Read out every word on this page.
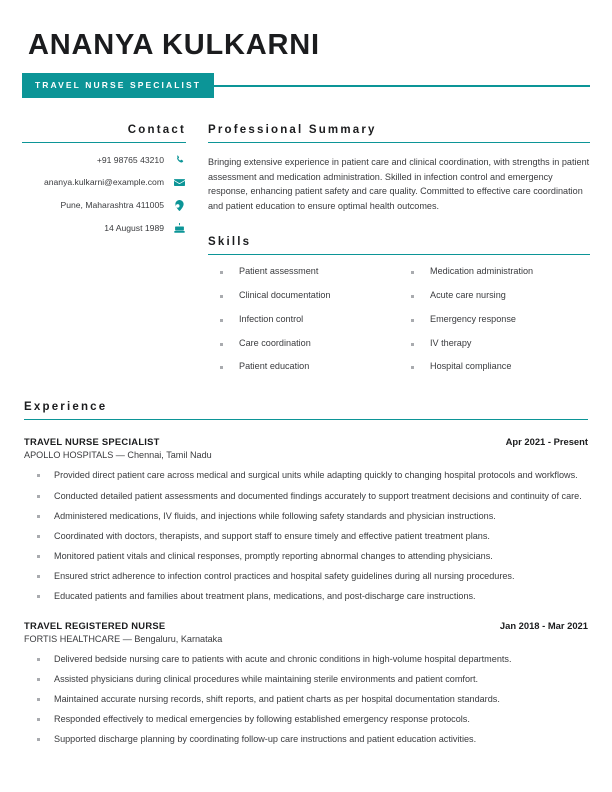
ANANYA KULKARNI
TRAVEL NURSE SPECIALIST
Contact
+91 98765 43210
ananya.kulkarni@example.com
Pune, Maharashtra 411005
14 August 1989
Professional Summary
Bringing extensive experience in patient care and clinical coordination, with strengths in patient assessment and medication administration. Skilled in infection control and emergency response, enhancing patient safety and care quality. Committed to effective care coordination and patient education to ensure optimal health outcomes.
Skills
Patient assessment
Clinical documentation
Infection control
Care coordination
Patient education
Medication administration
Acute care nursing
Emergency response
IV therapy
Hospital compliance
Experience
TRAVEL NURSE SPECIALIST	Apr 2021 - Present
APOLLO HOSPITALS — Chennai, Tamil Nadu
Provided direct patient care across medical and surgical units while adapting quickly to changing hospital protocols and workflows.
Conducted detailed patient assessments and documented findings accurately to support treatment decisions and continuity of care.
Administered medications, IV fluids, and injections while following safety standards and physician instructions.
Coordinated with doctors, therapists, and support staff to ensure timely and effective patient treatment plans.
Monitored patient vitals and clinical responses, promptly reporting abnormal changes to attending physicians.
Ensured strict adherence to infection control practices and hospital safety guidelines during all nursing procedures.
Educated patients and families about treatment plans, medications, and post-discharge care instructions.
TRAVEL REGISTERED NURSE	Jan 2018 - Mar 2021
FORTIS HEALTHCARE — Bengaluru, Karnataka
Delivered bedside nursing care to patients with acute and chronic conditions in high-volume hospital departments.
Assisted physicians during clinical procedures while maintaining sterile environments and patient comfort.
Maintained accurate nursing records, shift reports, and patient charts as per hospital documentation standards.
Responded effectively to medical emergencies by following established emergency response protocols.
Supported discharge planning by coordinating follow-up care instructions and patient education activities.
